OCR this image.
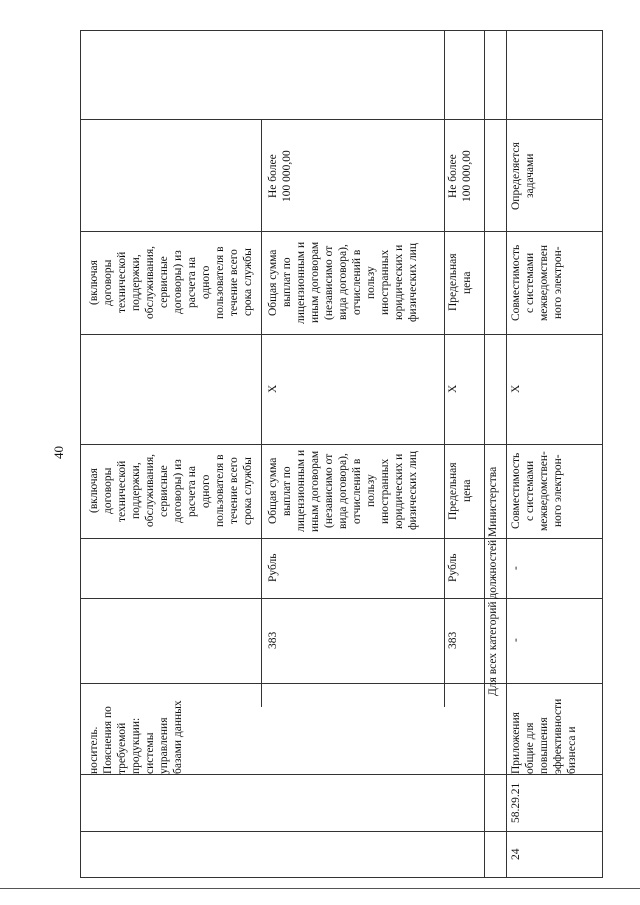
40
(включая
договоры
технической
поддержки,
обслуживания,
сервисные
договоры) из
расчета на
одного
пользователя в
течение всего
срока службы
(включая
договоры
технической
поддержки,
обслуживания,
сервисные
договоры) из
расчета на
одного
пользователя в
течение всего
срока службы
носитель.
Пояснения по
требуемой
продукции:
системы
управления
базами данных
Не более
100 000,00
Общая сумма
выплат по
лицензионным и
иным договорам
(независимо от
вида договора),
отчислений в
пользу
иностранных
юридических и
физических лиц
X
Общая сумма
выплат по
лицензионным и
иным договорам
(независимо от
вида договора),
отчислений в
пользу
иностранных
юридических и
физических лиц
Рубль
383
Не более
100 000,00
Предельная
цена
X
Предельная
цена
Рубль
383	Для всех категорий должностей Министерства
Определяется
задачами
Совместимость
с системами
межведомствен
ного электрон-
X
Совместимость
с системами
межведомствен-
ного электрон-
-
-
Приложения
общие для
повышения
эффективности
бизнеса и
58.29.21
24
